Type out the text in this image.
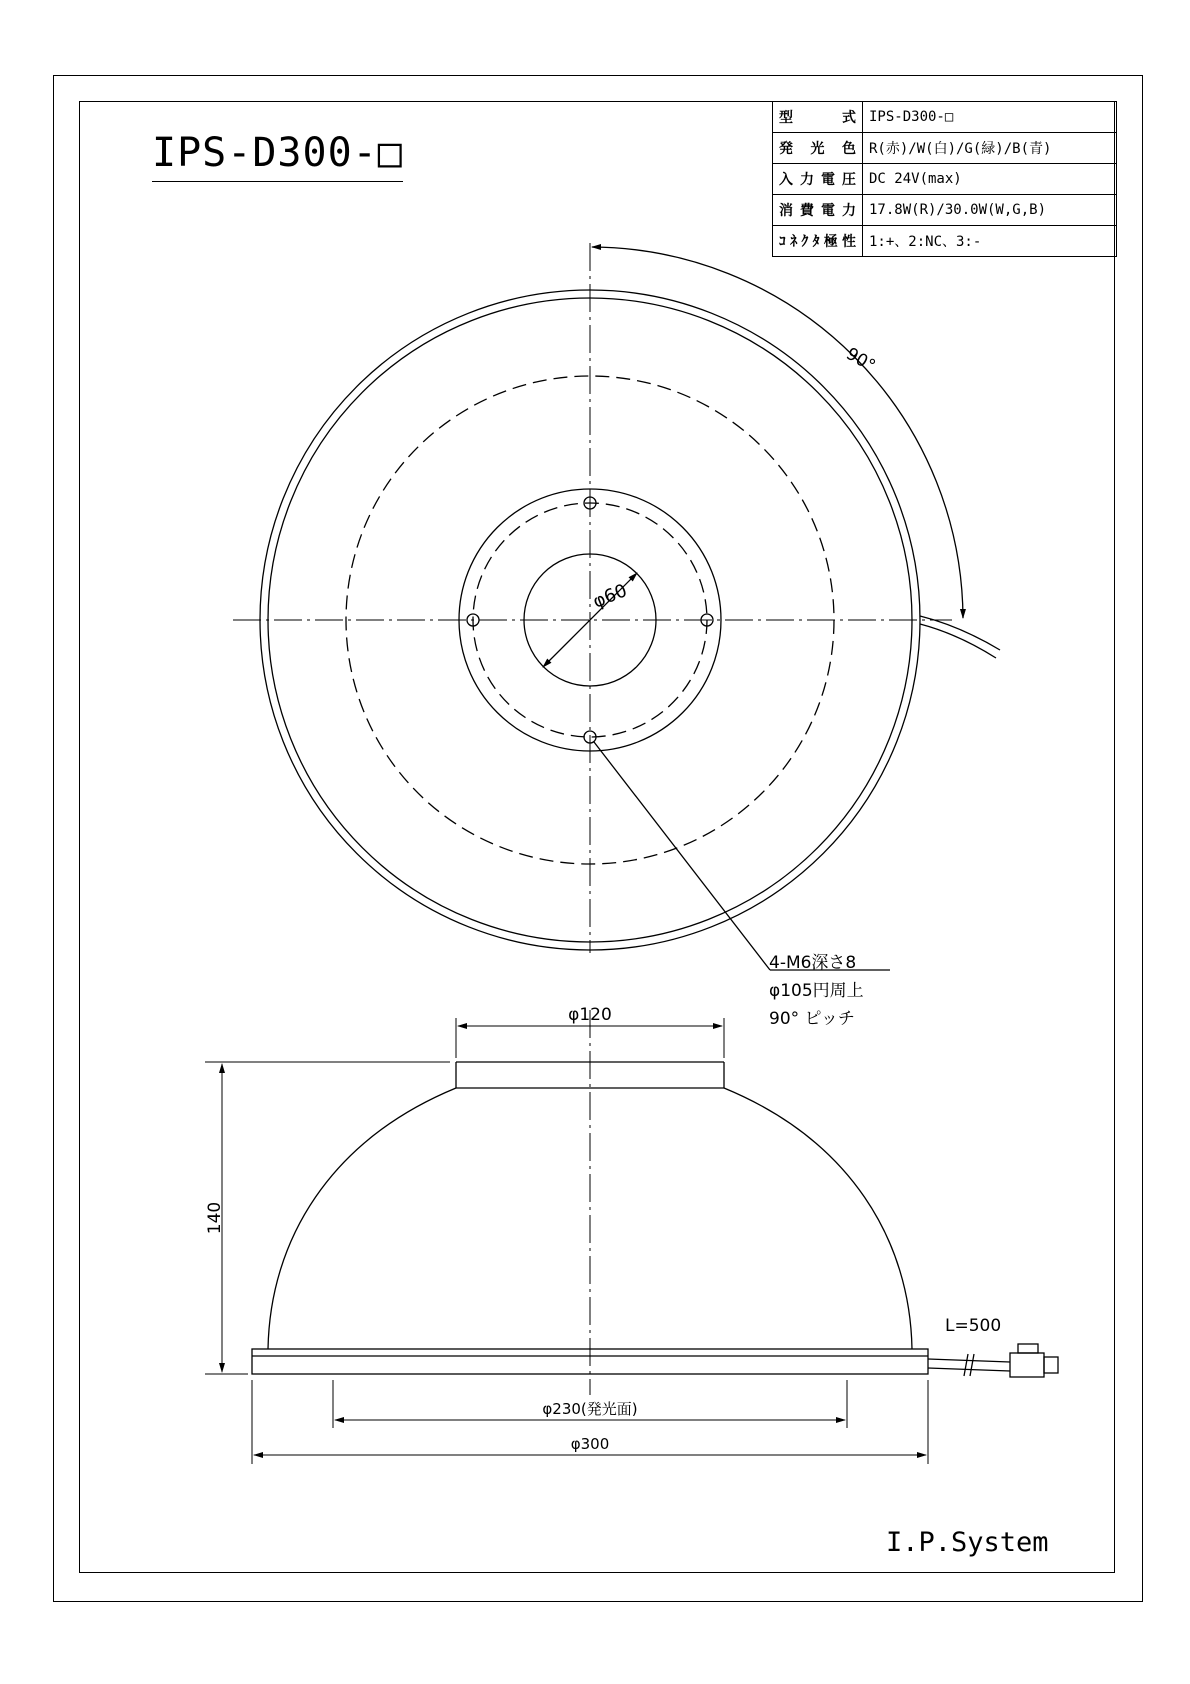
IPS-D300-□
型　式	IPS-D300-□
発光色	R(赤)/W(白)/G(緑)/B(青)
入力電圧	DC 24V(max)
消費電力	17.8W(R)/30.0W(W,G,B)
ｺﾈｸﾀ極性	1:+、2:NC、3:-
90°
φ60
4-M6深さ8
φ105円周上
90° ピッチ
φ120
140
L=500
φ230(発光面)
φ300
I.P.System
